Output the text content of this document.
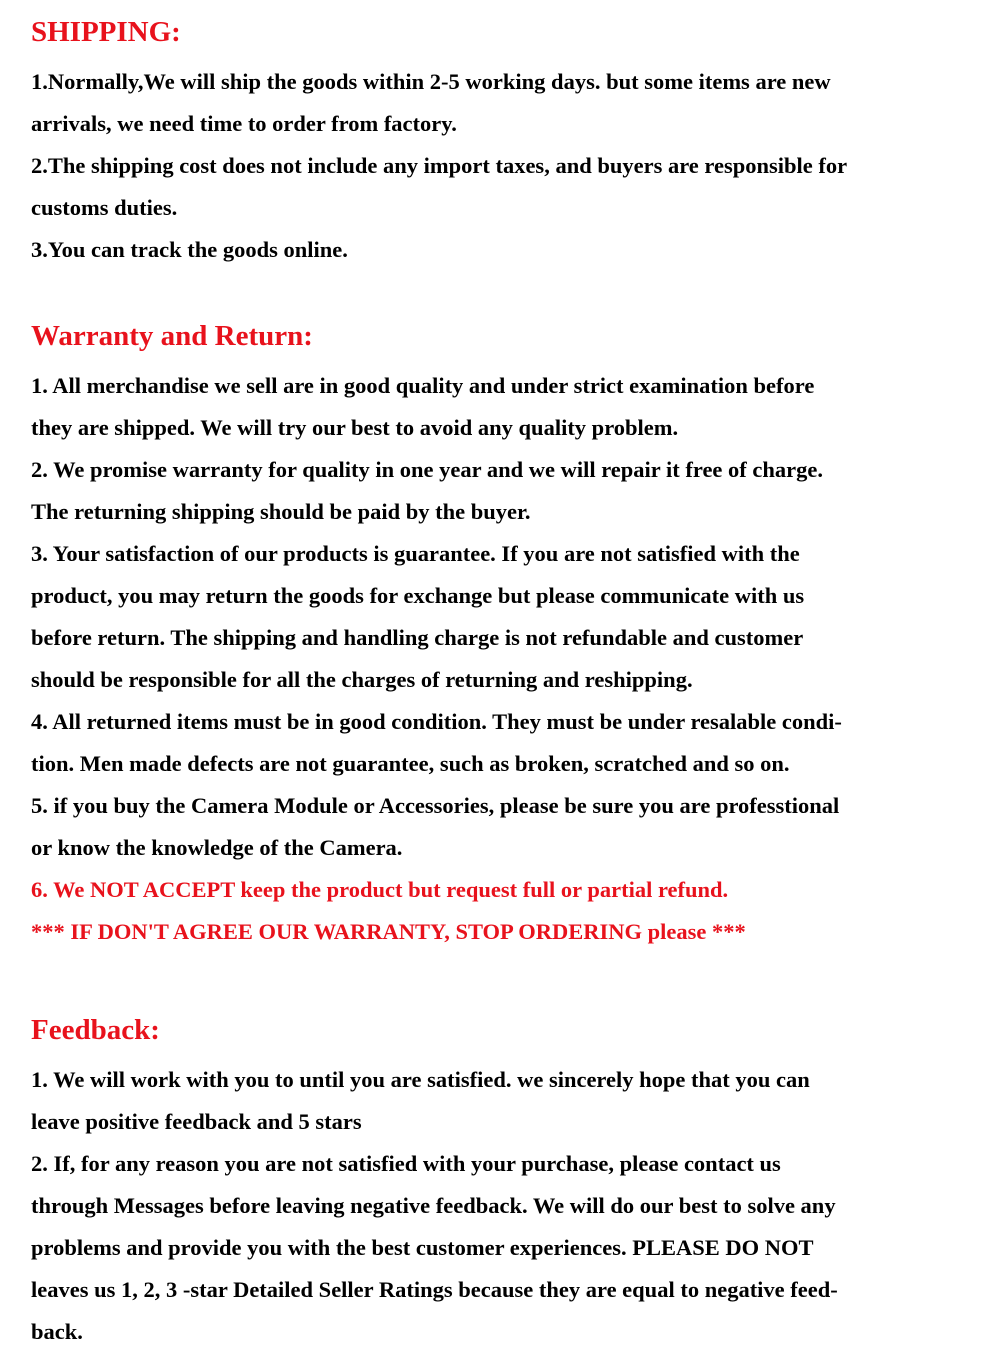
SHIPPING:

1.Normally,We will ship the goods within 2-5 working days. but some items are new

arrivals, we need time to order from factory.

2.The shipping cost does not include any import taxes, and buyers are responsible for

customs duties.

3.You can track the goods online.

Warranty and Return:

1. All merchandise we sell are in good quality and under strict examination before

they are shipped. We will try our best to avoid any quality problem.

2. We promise warranty for quality in one year and we will repair it free of charge.

The returning shipping should be paid by the buyer.

3. Your satisfaction of our products is guarantee. If you are not satisfied with the

product, you may return the goods for exchange but please communicate with us

before return. The shipping and handling charge is not refundable and customer

should be responsible for all the charges of returning and reshipping.

4. All returned items must be in good condition. They must be under resalable condi-

tion. Men made defects are not guarantee, such as broken, scratched and so on.

5. if you buy the Camera Module or Accessories, please be sure you are professtional

or know the knowledge of the Camera.

6. We NOT ACCEPT keep the product but request full or partial refund.

*** IF DON'T AGREE OUR WARRANTY, STOP ORDERING please ***

Feedback:

1. We will work with you to until you are satisfied. we sincerely hope that you can

leave positive feedback and 5 stars

2. If, for any reason you are not satisfied with your purchase, please contact us

through Messages before leaving negative feedback. We will do our best to solve any

problems and provide you with the best customer experiences. PLEASE DO NOT

leaves us 1, 2, 3 -star Detailed Seller Ratings because they are equal to negative feed-

back.
